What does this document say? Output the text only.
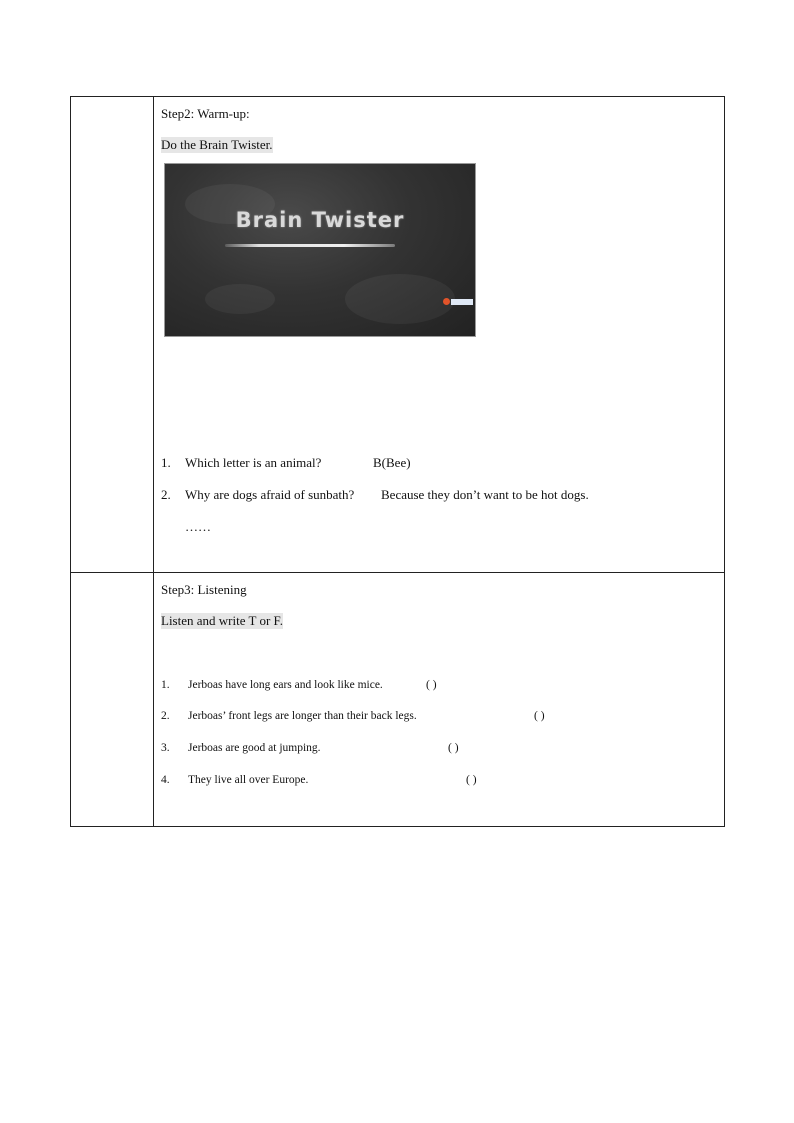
Step2: Warm-up:
Do the Brain Twister.
Brain Twister
1. Which letter is an animal?	B(Bee)
2. Why are dogs afraid of sunbath? Because they don’t want to be hot dogs.
……
Step3: Listening
Listen and write T or F.
1. Jerboas have long ears and look like mice.	( )
2. Jerboas’ front legs are longer than their back legs.	( )
3. Jerboas are good at jumping.	( )
4. They live all over Europe.	( )
